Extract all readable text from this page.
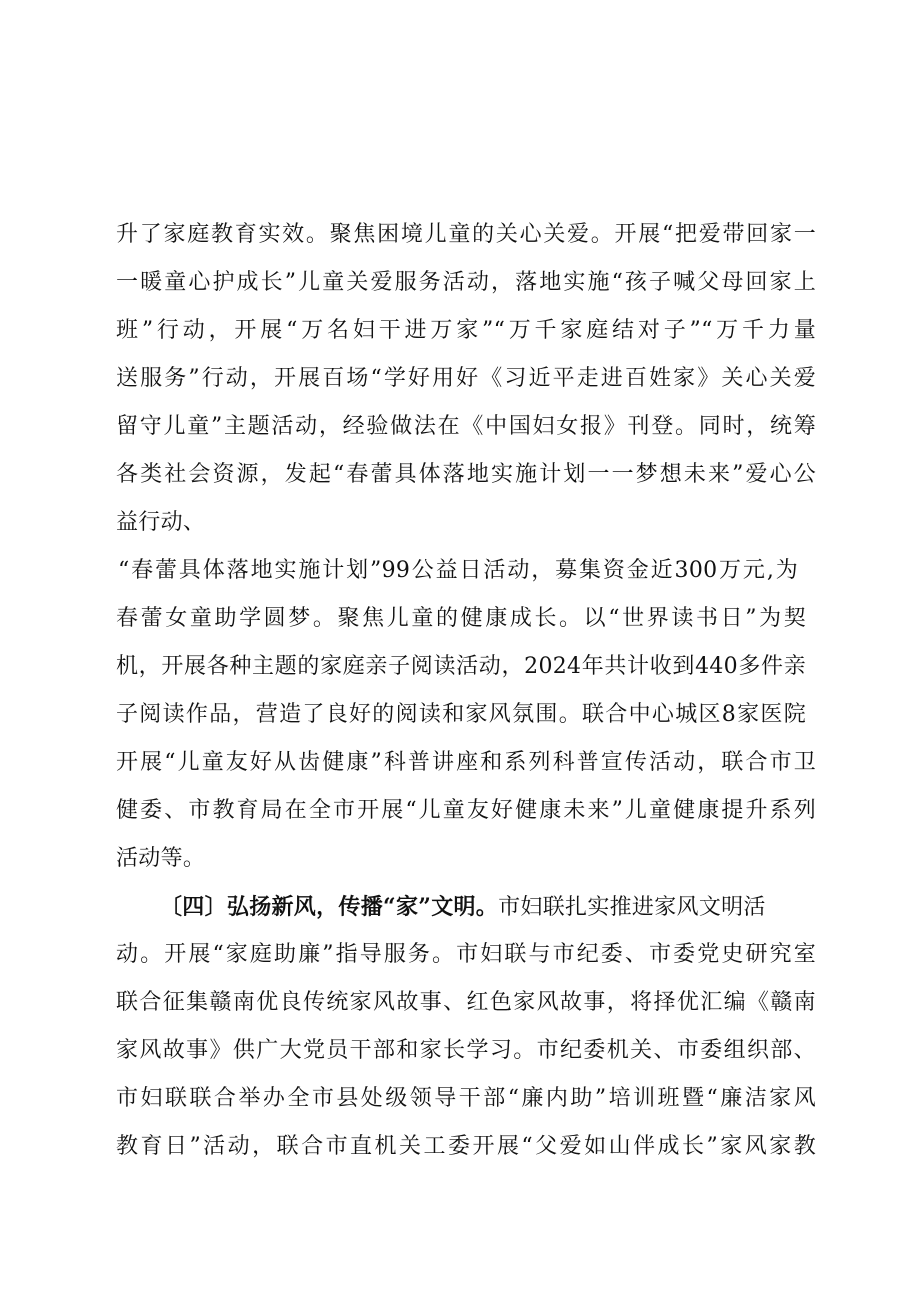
升了家庭教育实效。聚焦困境儿童的关心关爱。开展“把爱带回家一
一暖童心护成长”儿童关爱服务活动，落地实施“孩子喊父母回家上
班”行动，开展“万名妇干进万家”“万千家庭结对子”“万千力量
送服务”行动，开展百场“学好用好《习近平走进百姓家》关心关爱
留守儿童”主题活动，经验做法在《中国妇女报》刊登。同时，统筹
各类社会资源，发起“春蕾具体落地实施计划一一梦想未来”爱心公
益行动、
“春蕾具体落地实施计划”99公益日活动，募集资金近300万元,为
春蕾女童助学圆梦。聚焦儿童的健康成长。以“世界读书日”为契
机，开展各种主题的家庭亲子阅读活动，2024年共计收到440多件亲
子阅读作品，营造了良好的阅读和家风氛围。联合中心城区8家医院
开展“儿童友好从齿健康”科普讲座和系列科普宣传活动，联合市卫
健委、市教育局在全市开展“儿童友好健康未来”儿童健康提升系列
活动等。
〔四〕弘扬新风，传播“家”文明。市妇联扎实推进家风文明活
动。开展“家庭助廉”指导服务。市妇联与市纪委、市委党史研究室
联合征集赣南优良传统家风故事、红色家风故事，将择优汇编《赣南
家风故事》供广大党员干部和家长学习。市纪委机关、市委组织部、
市妇联联合举办全市县处级领导干部“廉内助”培训班暨“廉洁家风
教育日”活动，联合市直机关工委开展“父爱如山伴成长”家风家教
